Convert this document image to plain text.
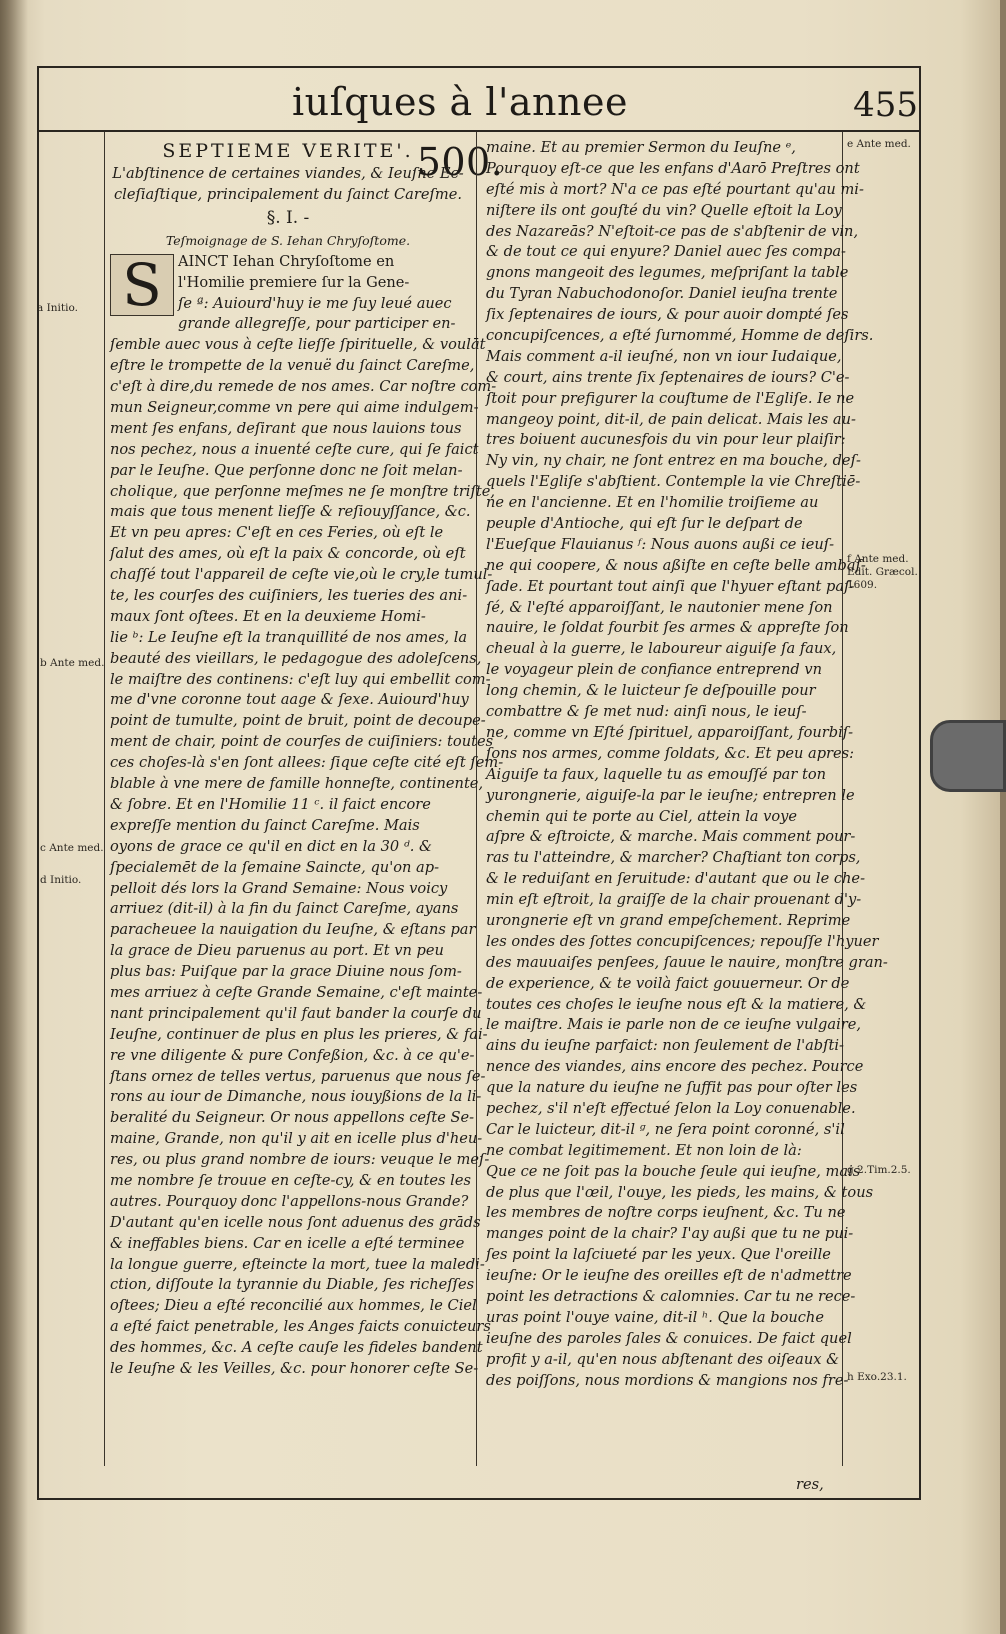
iuſques à l'annee 500.
455
SEPTIEME VERITE'.
L'abſtinence de certaines viandes, & Ieuſne Ec-
cleſiaſtique, principalement du ſainct Careſme.
§. I. -
Teſmoignage de S. Iehan Chryſoſtome.
S	AINCT Iehan Chryſoſtome en
l'Homilie premiere ſur la Gene-
ſe ª: Auiourd'huy ie me ſuy leué auec
grande allegreſſe, pour participer en-
ſemble auec vous à ceſte lieſſe ſpirituelle, & voulāt
eſtre le trompette de la venuë du ſainct Careſme,
c'eſt à dire,du remede de nos ames. Car noſtre com-
mun Seigneur,comme vn pere qui aime indulgem-
ment ſes enfans, deſirant que nous lauions tous
nos pechez, nous a inuenté ceſte cure, qui ſe faict
par le Ieuſne. Que perſonne donc ne ſoit melan-
cholique, que perſonne meſmes ne ſe monſtre triſte,
mais que tous menent lieſſe & reſiouyſſance, &c.
Et vn peu apres: C'eſt en ces Feries, où eſt le
ſalut des ames, où eſt la paix & concorde, où eſt
chaſſé tout l'appareil de ceſte vie,où le cry,le tumul-
te, les courſes des cuiſiniers, les tueries des ani-
maux ſont oſtees. Et en la deuxieme Homi-
lie ᵇ: Le Ieuſne eſt la tranquillité de nos ames, la
beauté des vieillars, le pedagogue des adoleſcens,
le maiſtre des continens: c'eſt luy qui embellit com-
me d'vne coronne tout aage & ſexe. Auiourd'huy
point de tumulte, point de bruit, point de decoupe-
ment de chair, point de courſes de cuiſiniers: toutes
ces choſes-là s'en ſont allees: ſique ceſte cité eſt ſem-
blable à vne mere de famille honneſte, continente,
& ſobre. Et en l'Homilie 11 ᶜ. il faict encore
expreſſe mention du ſainct Careſme. Mais
oyons de grace ce qu'il en dict en la 30 ᵈ. &
ſpecialemēt de la ſemaine Saincte, qu'on ap-
pelloit dés lors la Grand Semaine: Nous voicy
arriuez (dit-il) à la fin du ſainct Careſme, ayans
paracheuee la nauigation du Ieuſne, & eſtans par
la grace de Dieu paruenus au port. Et vn peu
plus bas: Puiſque par la grace Diuine nous ſom-
mes arriuez à ceſte Grande Semaine, c'eſt mainte-
nant principalement qu'il faut bander la courſe du
Ieuſne, continuer de plus en plus les prieres, & fai-
re vne diligente & pure Confeßion, &c. à ce qu'e-
ſtans ornez de telles vertus, paruenus que nous ſe-
rons au iour de Dimanche, nous iouyßions de la li-
beralité du Seigneur. Or nous appellons ceſte Se-
maine, Grande, non qu'il y ait en icelle plus d'heu-
res, ou plus grand nombre de iours: veuque le meſ-
me nombre ſe trouue en ceſte-cy, & en toutes les
autres. Pourquoy donc l'appellons-nous Grande?
D'autant qu'en icelle nous ſont aduenus des grāds
& ineffables biens. Car en icelle a eſté terminee
la longue guerre, eſteincte la mort, tuee la maledi-
ction, diſſoute la tyrannie du Diable, ſes richeſſes
oſtees; Dieu a eſté reconcilié aux hommes, le Ciel
a eſté faict penetrable, les Anges faicts conuicteurs
des hommes, &c. A ceſte cauſe les fideles bandent
le Ieuſne & les Veilles, &c. pour honorer ceſte Se-
maine. Et au premier Sermon du Ieuſne ᵉ,
Pourquoy eſt-ce que les enfans d'Aarō Preſtres ont
eſté mis à mort? N'a ce pas eſté pourtant qu'au mi-
niſtere ils ont gouſté du vin? Quelle eſtoit la Loy
des Nazareās? N'eſtoit-ce pas de s'abſtenir de vin,
& de tout ce qui enyure? Daniel auec ſes compa-
gnons mangeoit des legumes, meſpriſant la table
du Tyran Nabuchodonoſor. Daniel ieuſna trente
ſix ſeptenaires de iours, & pour auoir dompté ſes
concupiſcences, a eſté ſurnommé, Homme de deſirs.
Mais comment a-il ieuſné, non vn iour Iudaique,
& court, ains trente ſix ſeptenaires de iours? C'e-
ſtoit pour prefigurer la couſtume de l'Egliſe. Ie ne
mangeoy point, dit-il, de pain delicat. Mais les au-
tres boiuent aucunesfois du vin pour leur plaiſir:
Ny vin, ny chair, ne ſont entrez en ma bouche, deſ-
quels l'Egliſe s'abſtient. Contemple la vie Chreſtiē-
ne en l'ancienne. Et en l'homilie troiſieme au
peuple d'Antioche, qui eſt ſur le deſpart de
l'Eueſque Flauianus ᶠ: Nous auons außi ce ieuſ-
ne qui coopere, & nous aßiſte en ceſte belle ambaſ-
ſade. Et pourtant tout ainſi que l'hyuer eſtant paſ-
ſé, & l'eſté apparoiſſant, le nautonier mene ſon
nauire, le ſoldat fourbit ſes armes & appreſte ſon
cheual à la guerre, le laboureur aiguiſe ſa faux,
le voyageur plein de confiance entreprend vn
long chemin, & le luicteur ſe deſpouille pour
combattre & ſe met nud: ainſi nous, le ieuſ-
ne, comme vn Eſté ſpirituel, apparoiſſant, fourbiſ-
ſons nos armes, comme ſoldats, &c. Et peu apres:
Aiguiſe ta faux, laquelle tu as emouſſé par ton
yurongnerie, aiguiſe-la par le ieuſne; entrepren le
chemin qui te porte au Ciel, attein la voye
aſpre & eſtroicte, & marche. Mais comment pour-
ras tu l'atteindre, & marcher? Chaſtiant ton corps,
& le reduiſant en ſeruitude: d'autant que ou le che-
min eſt eſtroit, la graiſſe de la chair prouenant d'y-
urongnerie eſt vn grand empeſchement. Reprime
les ondes des ſottes concupiſcences; repouſſe l'hyuer
des mauuaiſes penſees, ſauue le nauire, monſtre gran-
de experience, & te voilà faict gouuerneur. Or de
toutes ces choſes le ieuſne nous eſt & la matiere, &
le maiſtre. Mais ie parle non de ce ieuſne vulgaire,
ains du ieuſne parfaict: non ſeulement de l'abſti-
nence des viandes, ains encore des pechez. Pource
que la nature du ieuſne ne ſuffit pas pour oſter les
pechez, s'il n'eſt effectué ſelon la Loy conuenable.
Car le luicteur, dit-il ᵍ, ne ſera point coronné, s'il
ne combat legitimement. Et non loin de là:
Que ce ne ſoit pas la bouche ſeule qui ieuſne, mais
de plus que l'œil, l'ouye, les pieds, les mains, & tous
les membres de noſtre corps ieuſnent, &c. Tu ne
manges point de la chair? I'ay außi que tu ne pui-
ſes point la laſciueté par les yeux. Que l'oreille
ieuſne: Or le ieuſne des oreilles eſt de n'admettre
point les detractions & calomnies. Car tu ne rece-
uras point l'ouye vaine, dit-il ʰ. Que la bouche
ieuſne des paroles ſales & conuices. De faict quel
profit y a-il, qu'en nous abſtenant des oiſeaux &
des poiſſons, nous mordions & mangions nos fre-
a Initio.
b Ante med.
c Ante med.
d Initio.
e Ante med.
f Ante med.
Edit. Græcol.
1609.
g 2.Tim.2.5.
h Exo.23.1.
res,
